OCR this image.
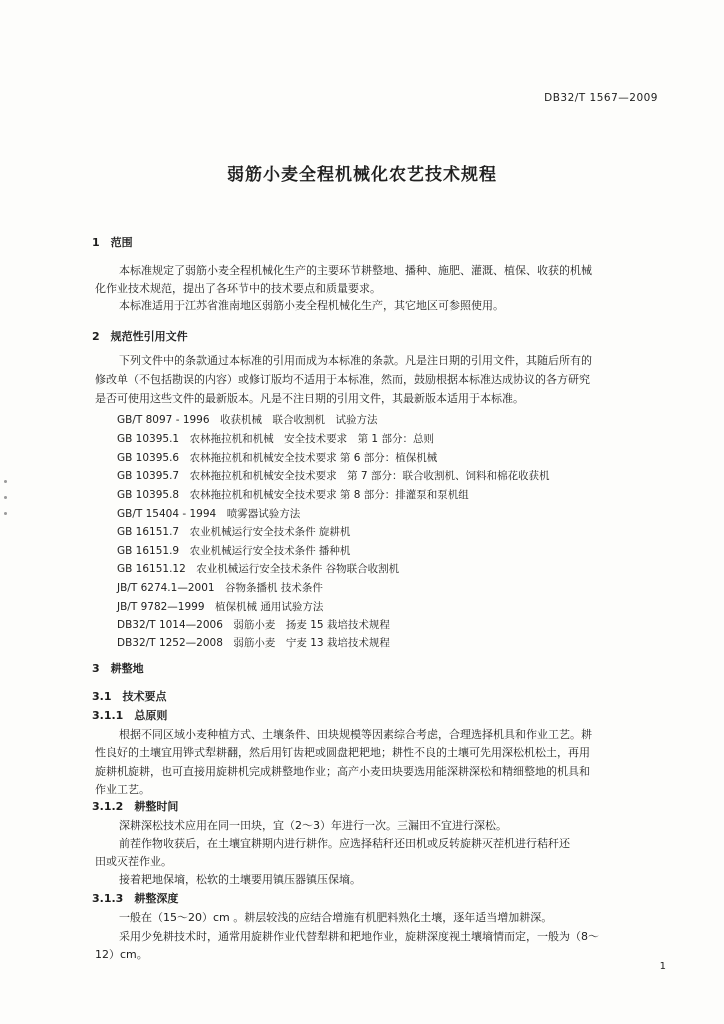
DB32/T 1567—2009
弱筋小麦全程机械化农艺技术规程
1　范围
本标准规定了弱筋小麦全程机械化生产的主要环节耕整地、播种、施肥、灌溉、植保、收获的机械
化作业技术规范，提出了各环节中的技术要点和质量要求。
本标准适用于江苏省淮南地区弱筋小麦全程机械化生产，其它地区可参照使用。
2　规范性引用文件
下列文件中的条款通过本标准的引用而成为本标准的条款。凡是注日期的引用文件，其随后所有的
修改单（不包括勘误的内容）或修订版均不适用于本标准，然而，鼓励根据本标准达成协议的各方研究
是否可使用这些文件的最新版本。凡是不注日期的引用文件，其最新版本适用于本标准。
GB/T 8097 - 1996　收获机械　联合收割机　试验方法
GB 10395.1　农林拖拉机和机械　安全技术要求　第 1 部分：总则
GB 10395.6　农林拖拉机和机械安全技术要求 第 6 部分：植保机械
GB 10395.7　农林拖拉机和机械安全技术要求　第 7 部分：联合收割机、饲料和棉花收获机
GB 10395.8　农林拖拉机和机械安全技术要求 第 8 部分：排灌泵和泵机组
GB/T 15404 - 1994　喷雾器试验方法
GB 16151.7　农业机械运行安全技术条件 旋耕机
GB 16151.9　农业机械运行安全技术条件 播种机
GB 16151.12　农业机械运行安全技术条件 谷物联合收割机
JB/T 6274.1—2001　谷物条播机 技术条件
JB/T 9782—1999　植保机械 通用试验方法
DB32/T 1014—2006　弱筋小麦　扬麦 15 栽培技术规程
DB32/T 1252—2008　弱筋小麦　宁麦 13 栽培技术规程
3　耕整地
3.1　技术要点
3.1.1　总原则
根据不同区域小麦种植方式、土壤条件、田块规模等因素综合考虑，合理选择机具和作业工艺。耕
性良好的土壤宜用铧式犁耕翻，然后用钉齿耙或圆盘耙耙地；耕性不良的土壤可先用深松机松土，再用
旋耕机旋耕，也可直接用旋耕机完成耕整地作业；高产小麦田块要选用能深耕深松和精细整地的机具和
作业工艺。
3.1.2　耕整时间
深耕深松技术应用在同一田块，宜（2～3）年进行一次。三漏田不宜进行深松。
前茬作物收获后，在土壤宜耕期内进行耕作。应选择秸秆还田机或反转旋耕灭茬机进行秸秆还
田或灭茬作业。
接着耙地保墒，松软的土壤要用镇压器镇压保墒。
3.1.3　耕整深度
一般在（15～20）cm 。耕层较浅的应结合增施有机肥料熟化土壤，逐年适当增加耕深。
采用少免耕技术时，通常用旋耕作业代替犁耕和耙地作业，旋耕深度视土壤墒情而定，一般为（8～
12）cm。
1
